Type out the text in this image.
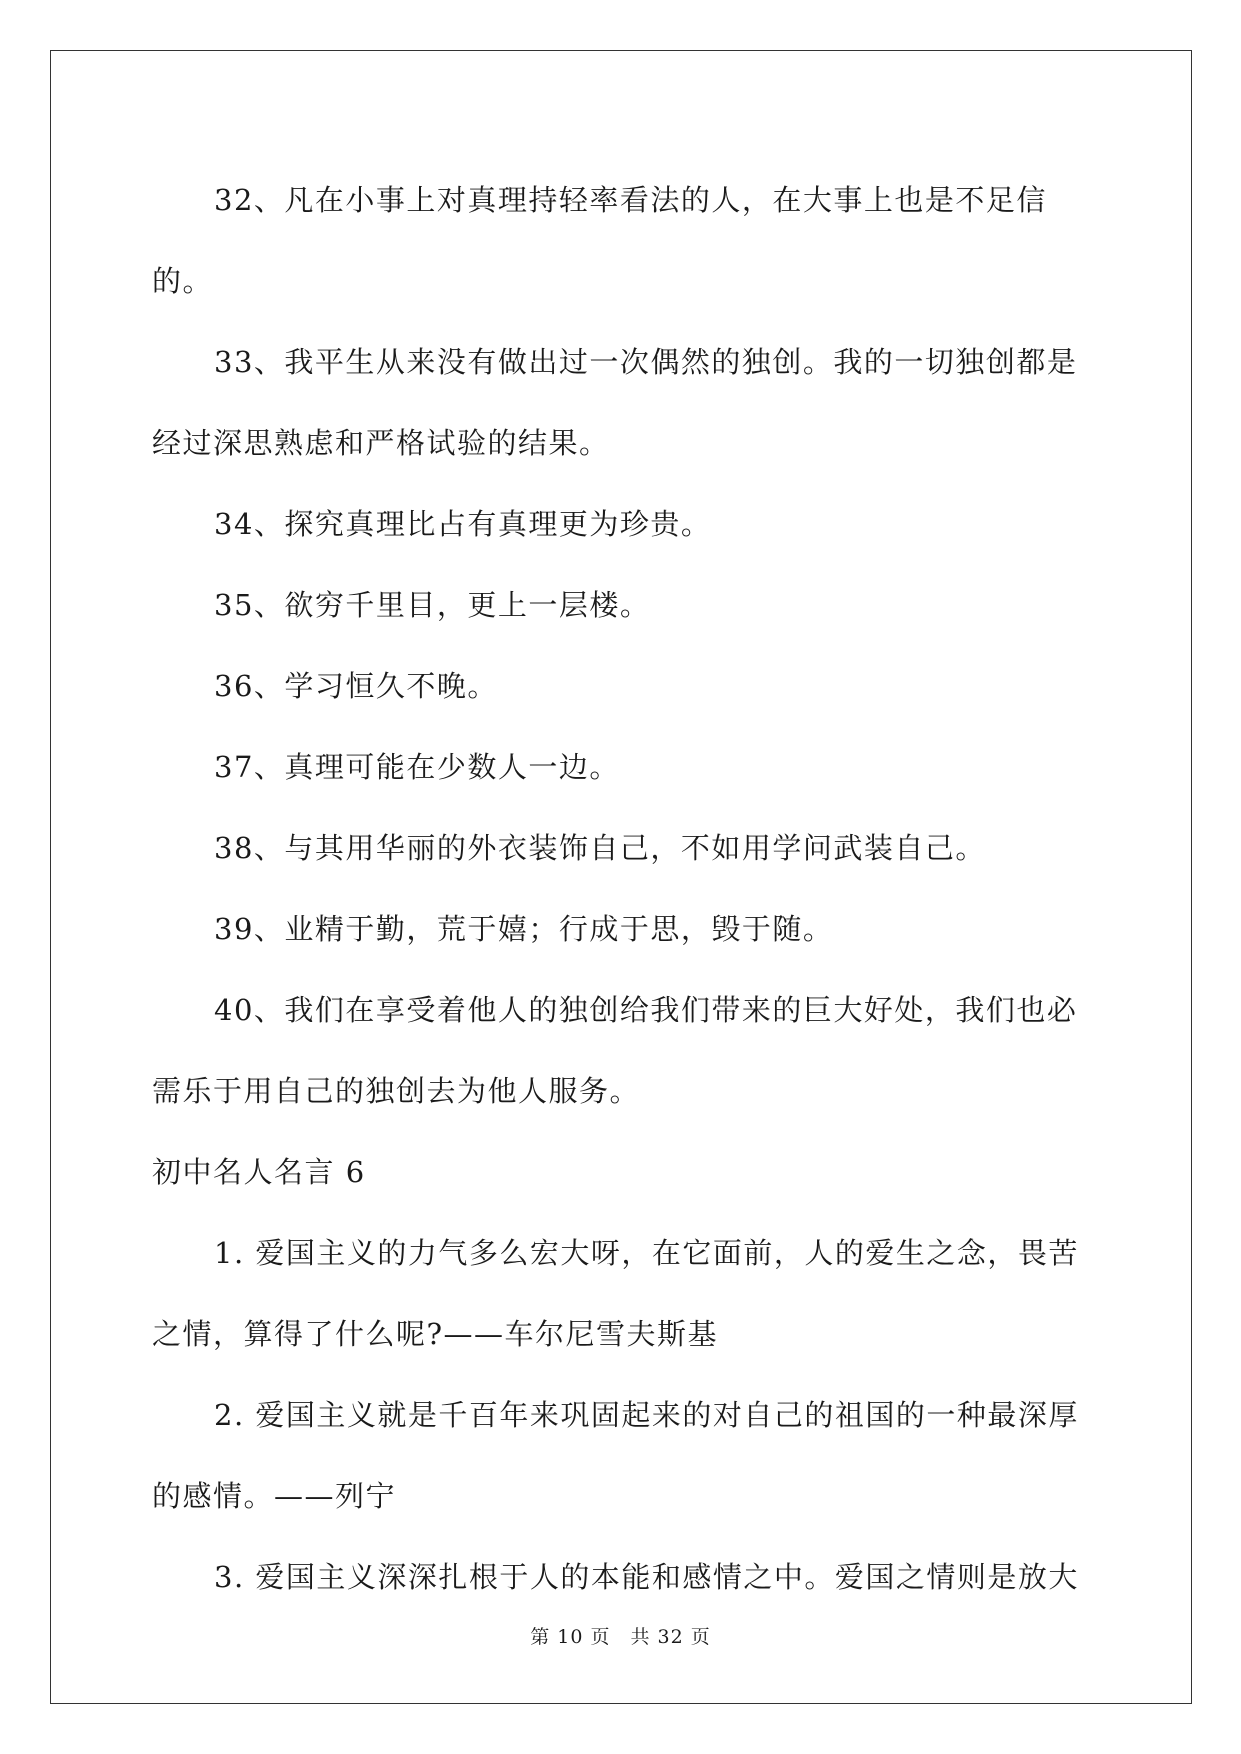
32、凡在小事上对真理持轻率看法的人，在大事上也是不足信的。

33、我平生从来没有做出过一次偶然的独创。我的一切独创都是经过深思熟虑和严格试验的结果。

34、探究真理比占有真理更为珍贵。

35、欲穷千里目，更上一层楼。

36、学习恒久不晚。

37、真理可能在少数人一边。

38、与其用华丽的外衣装饰自己，不如用学问武装自己。

39、业精于勤，荒于嬉；行成于思，毁于随。

40、我们在享受着他人的独创给我们带来的巨大好处，我们也必需乐于用自己的独创去为他人服务。

初中名人名言 6

1. 爱国主义的力气多么宏大呀，在它面前，人的爱生之念，畏苦之情，算得了什么呢?——车尔尼雪夫斯基

2. 爱国主义就是千百年来巩固起来的对自己的祖国的一种最深厚的感情。——列宁

3. 爱国主义深深扎根于人的本能和感情之中。爱国之情则是放大

第 10 页　共 32 页
